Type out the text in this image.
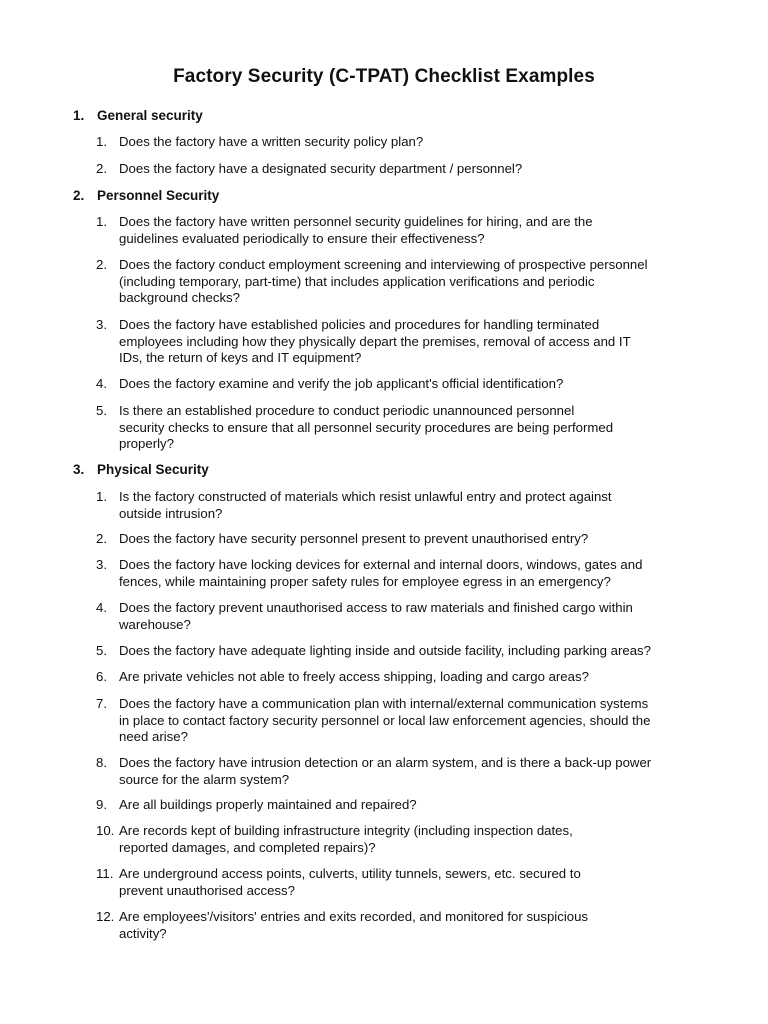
Factory Security (C-TPAT) Checklist Examples
1. General security
1. Does the factory have a written security policy plan?
2. Does the factory have a designated security department / personnel?
2. Personnel Security
1. Does the factory have written personnel security guidelines for hiring, and are the
guidelines evaluated periodically to ensure their effectiveness?
2. Does the factory conduct employment screening and interviewing of prospective personnel
(including temporary, part-time) that includes application verifications and periodic
background checks?
3. Does the factory have established policies and procedures for handling terminated
employees including how they physically depart the premises, removal of access and IT
IDs, the return of keys and IT equipment?
4. Does the factory examine and verify the job applicant's official identification?
5. Is there an established procedure to conduct periodic unannounced personnel
security checks to ensure that all personnel security procedures are being performed
properly?
3. Physical Security
1. Is the factory constructed of materials which resist unlawful entry and protect against
outside intrusion?
2. Does the factory have security personnel present to prevent unauthorised entry?
3. Does the factory have locking devices for external and internal doors, windows, gates and
fences, while maintaining proper safety rules for employee egress in an emergency?
4. Does the factory prevent unauthorised access to raw materials and finished cargo within
warehouse?
5. Does the factory have adequate lighting inside and outside facility, including parking areas?
6. Are private vehicles not able to freely access shipping, loading and cargo areas?
7. Does the factory have a communication plan with internal/external communication systems
in place to contact factory security personnel or local law enforcement agencies, should the
need arise?
8. Does the factory have intrusion detection or an alarm system, and is there a back-up power
source for the alarm system?
9. Are all buildings properly maintained and repaired?
10. Are records kept of building infrastructure integrity (including inspection dates,
reported damages, and completed repairs)?
11. Are underground access points, culverts, utility tunnels, sewers, etc. secured to
prevent unauthorised access?
12. Are employees'/visitors' entries and exits recorded, and monitored for suspicious
activity?
